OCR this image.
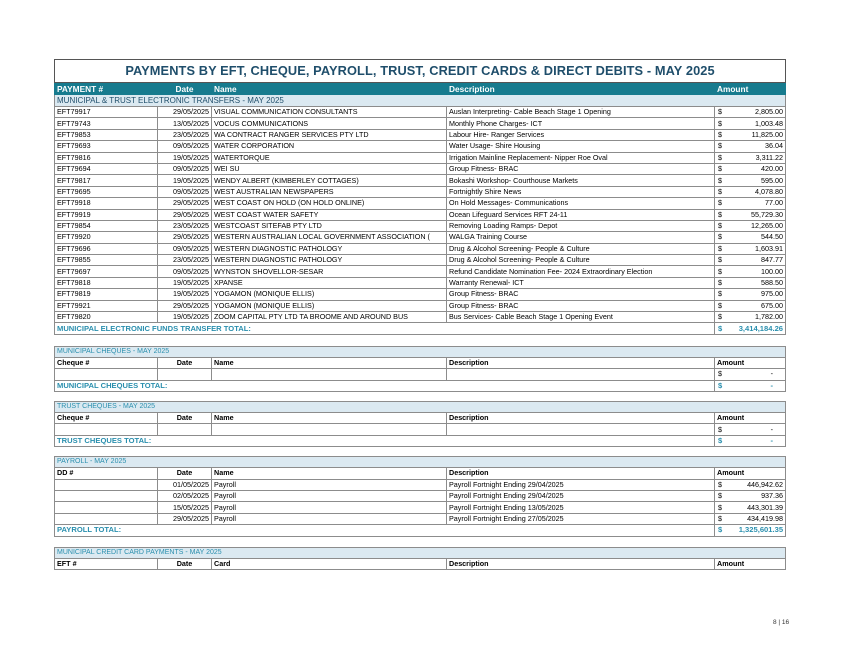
PAYMENTS BY EFT, CHEQUE, PAYROLL, TRUST, CREDIT CARDS & DIRECT DEBITS - MAY 2025				
PAYMENT #	Date	Name	Description	Amount
MUNICIPAL & TRUST ELECTRONIC TRANSFERS - MAY 2025				
EFT79917	29/05/2025	VISUAL COMMUNICATION CONSULTANTS	Auslan Interpreting- Cable Beach Stage 1 Opening	$ 2,805.00

EFT79743	13/05/2025	VOCUS COMMUNICATIONS	Monthly Phone Charges- ICT	$ 1,003.48

EFT79853	23/05/2025	WA CONTRACT RANGER SERVICES PTY LTD	Labour Hire- Ranger Services	$ 11,825.00

EFT79693	09/05/2025	WATER CORPORATION	Water Usage- Shire Housing	$ 36.04

EFT79816	19/05/2025	WATERTORQUE	Irrigation Mainline Replacement- Nipper Roe Oval	$ 3,311.22

EFT79694	09/05/2025	WEI SU	Group Fitness- BRAC	$ 420.00

EFT79817	19/05/2025	WENDY ALBERT (KIMBERLEY COTTAGES)	Bokashi Workshop- Courthouse Markets	$ 595.00

EFT79695	09/05/2025	WEST AUSTRALIAN NEWSPAPERS	Fortnightly Shire News	$ 4,078.80

EFT79918	29/05/2025	WEST COAST ON HOLD (ON HOLD ONLINE)	On Hold Messages- Communications	$ 77.00

EFT79919	29/05/2025	WEST COAST WATER SAFETY	Ocean Lifeguard Services RFT 24-11	$ 55,729.30

EFT79854	23/05/2025	WESTCOAST SITEFAB PTY LTD	Removing Loading Ramps- Depot	$ 12,265.00

EFT79920	29/05/2025	WESTERN AUSTRALIAN LOCAL GOVERNMENT ASSOCIATION (	WALGA Training Course	$ 544.50

EFT79696	09/05/2025	WESTERN DIAGNOSTIC PATHOLOGY	Drug & Alcohol Screening- People & Culture	$ 1,603.91

EFT79855	23/05/2025	WESTERN DIAGNOSTIC PATHOLOGY	Drug & Alcohol Screening- People & Culture	$ 847.77

EFT79697	09/05/2025	WYNSTON SHOVELLOR-SESAR	Refund Candidate Nomination Fee- 2024 Extraordinary Election	$ 100.00

EFT79818	19/05/2025	XPANSE	Warranty Renewal- ICT	$ 588.50

EFT79819	19/05/2025	YOGAMON (MONIQUE ELLIS)	Group Fitness- BRAC	$ 975.00

EFT79921	29/05/2025	YOGAMON (MONIQUE ELLIS)	Group Fitness- BRAC	$ 675.00

EFT79820	19/05/2025	ZOOM CAPITAL PTY LTD TA BROOME AND AROUND BUS	Bus Services- Cable Beach Stage 1 Opening Event	$ 1,782.00

MUNICIPAL ELECTRONIC FUNDS TRANSFER TOTAL:				$ 3,414,184.26
MUNICIPAL CHEQUES - MAY 2025				
Cheque #	Date	Name	Description	Amount

				$ -

MUNICIPAL CHEQUES TOTAL:				$ -
TRUST CHEQUES - MAY 2025				
Cheque #	Date	Name	Description	Amount

				$ -

TRUST CHEQUES TOTAL:				$ -
PAYROLL - MAY 2025				
DD #	Date	Name	Description	Amount
	01/05/2025	Payroll	Payroll Fortnight Ending 29/04/2025	$ 446,942.62

	02/05/2025	Payroll	Payroll Fortnight Ending 29/04/2025	$ 937.36

	15/05/2025	Payroll	Payroll Fortnight Ending 13/05/2025	$ 443,301.39

	29/05/2025	Payroll	Payroll Fortnight Ending 27/05/2025	$ 434,419.98

PAYROLL TOTAL:				$ 1,325,601.35
MUNICIPAL CREDIT CARD PAYMENTS - MAY 2025
EFT #	Date	Card	Description	Amount
8 | 16
